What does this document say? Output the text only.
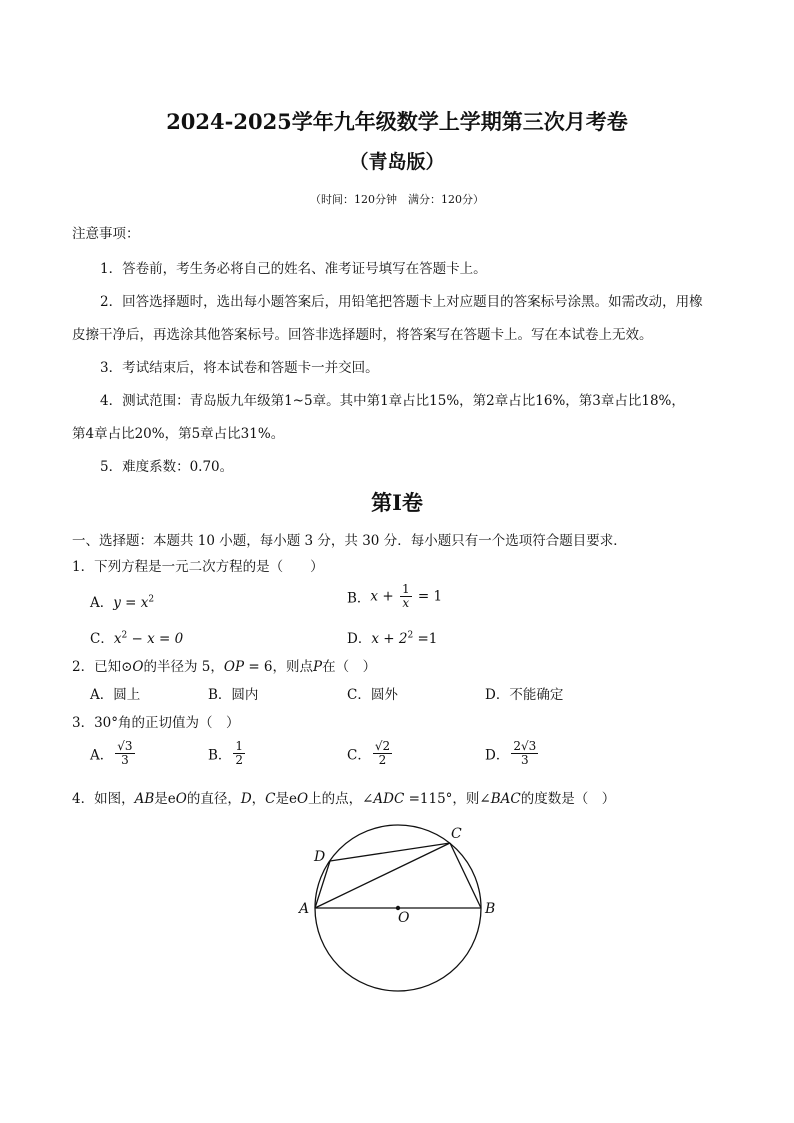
2024-2025学年九年级数学上学期第三次月考卷
（青岛版）
（时间：120分钟　满分：120分）
注意事项：
1．答卷前，考生务必将自己的姓名、准考证号填写在答题卡上。
2．回答选择题时，选出每小题答案后，用铅笔把答题卡上对应题目的答案标号涂黑。如需改动，用橡
皮擦干净后，再选涂其他答案标号。回答非选择题时，将答案写在答题卡上。写在本试卷上无效。
3．考试结束后，将本试卷和答题卡一并交回。
4．测试范围：青岛版九年级第1~5章。其中第1章占比15%，第2章占比16%，第3章占比18%，
第4章占比20%，第5章占比31%。
5．难度系数：0.70。
第Ⅰ卷
一、选择题：本题共 10 小题，每小题 3 分，共 30 分．每小题只有一个选项符合题目要求．
1．下列方程是一元二次方程的是（　　）
A．$y = x^2$	B．$x + \frac{1}{x} = 1$
C．$x^2 - x = 0$	D．$x + 2^2 =1$
2．已知⊙O的半径为 5，OP = 6，则点P在（　）
A．圆上	B．圆内	C．圆外	D．不能确定
3．30°角的正切值为（　）
A． $\frac{√3}{3}$	B． $\frac{1}{2}$	C． $\frac{√2}{2}$	D． $\frac{2√3}{3}$
4．如图，AB是eO的直径，D，C是eO上的点，∠ADC =115°，则∠BAC的度数是（　）
A	B
C
D
O
